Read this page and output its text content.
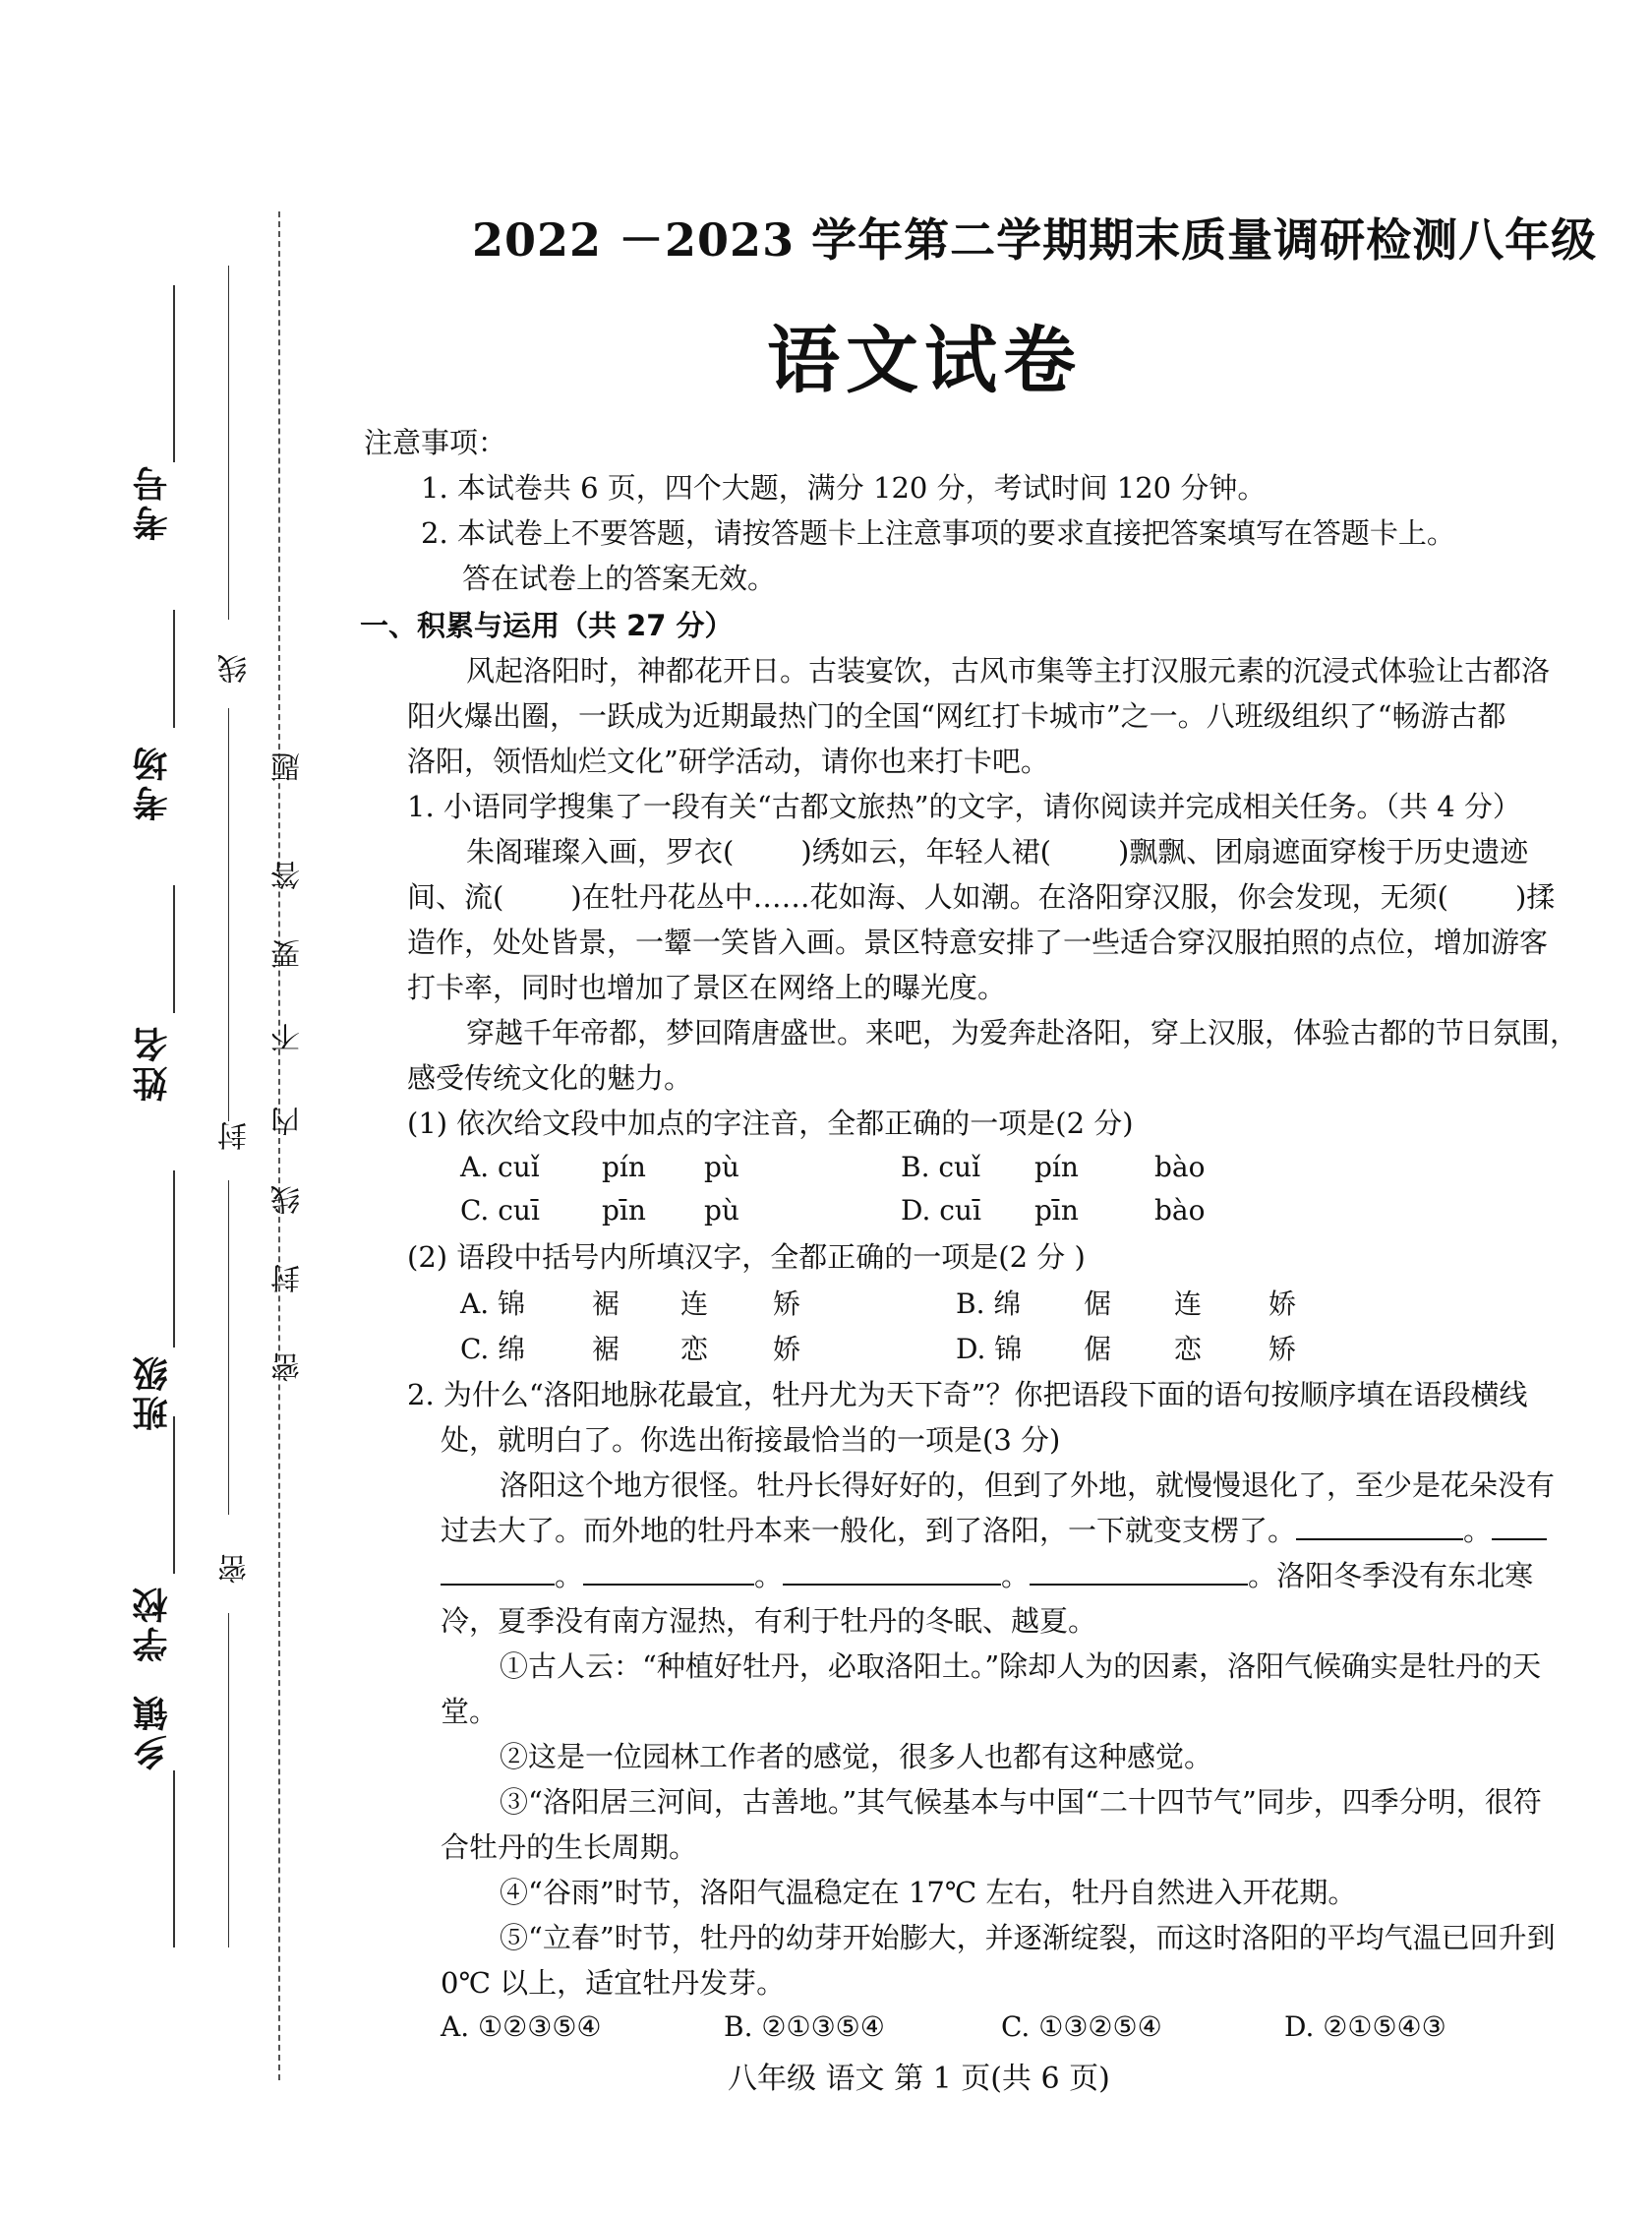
考号
考场
姓名
班级
乡镇
学校
线
题
答
要
不
内
线
封
密
封
密
2022 －2023 学年第二学期期末质量调研检测八年级
语文试卷
注意事项：
1. 本试卷共 6 页，四个大题，满分 120 分，考试时间 120 分钟。
2. 本试卷上不要答题，请按答题卡上注意事项的要求直接把答案填写在答题卡上。
答在试卷上的答案无效。
一、积累与运用（共 27 分）
风起洛阳时，神都花开日。古装宴饮，古风市集等主打汉服元素的沉浸式体验让古都洛
阳火爆出圈，一跃成为近期最热门的全国“网红打卡城市”之一。八班级组织了“畅游古都
洛阳，领悟灿烂文化”研学活动，请你也来打卡吧。
1. 小语同学搜集了一段有关“古都文旅热”的文字，请你阅读并完成相关任务。（共 4 分）
朱阁璀璨入画，罗衣( )绣如云，年轻人裙( )飘飘、团扇遮面穿梭于历史遗迹
间、流( )在牡丹花丛中……花如海、人如潮。在洛阳穿汉服，你会发现，无须( )揉
造作，处处皆景，一颦一笑皆入画。景区特意安排了一些适合穿汉服拍照的点位，增加游客
打卡率，同时也增加了景区在网络上的曝光度。
穿越千年帝都，梦回隋唐盛世。来吧，为爱奔赴洛阳，穿上汉服，体验古都的节日氛围，
感受传统文化的魅力。
(1) 依次给文段中加点的字注音，全都正确的一项是(2 分)
A. cuǐ pín pù	B. cuǐ pín	bào
C. cuī pīn pù	D. cuī pīn	bào
(2) 语段中括号内所填汉字，全都正确的一项是(2 分 )
A. 锦 裾 连 矫	B. 绵 倨 连 娇
C. 绵 裾 恋 娇	D. 锦 倨 恋 矫
2. 为什么“洛阳地脉花最宜，牡丹尤为天下奇”？你把语段下面的语句按顺序填在语段横线
处，就明白了。你选出衔接最恰当的一项是(3 分)
洛阳这个地方很怪。牡丹长得好好的，但到了外地，就慢慢退化了，至少是花朵没有
过去大了。而外地的牡丹本来一般化，到了洛阳，一下就变支楞了。	。
。	。	。	。洛阳冬季没有东北寒
冷，夏季没有南方湿热，有利于牡丹的冬眠、越夏。
①古人云：“种植好牡丹，必取洛阳土。”除却人为的因素，洛阳气候确实是牡丹的天
堂。
②这是一位园林工作者的感觉，很多人也都有这种感觉。
③“洛阳居三河间，古善地。”其气候基本与中国“二十四节气”同步，四季分明，很符
合牡丹的生长周期。
④“谷雨”时节，洛阳气温稳定在 17℃ 左右，牡丹自然进入开花期。
⑤“立春”时节，牡丹的幼芽开始膨大，并逐渐绽裂，而这时洛阳的平均气温已回升到
0℃ 以上，适宜牡丹发芽。
A. ①②③⑤④	B. ②①③⑤④	C. ①③②⑤④	D. ②①⑤④③
八年级 语文 第 1 页(共 6 页)
